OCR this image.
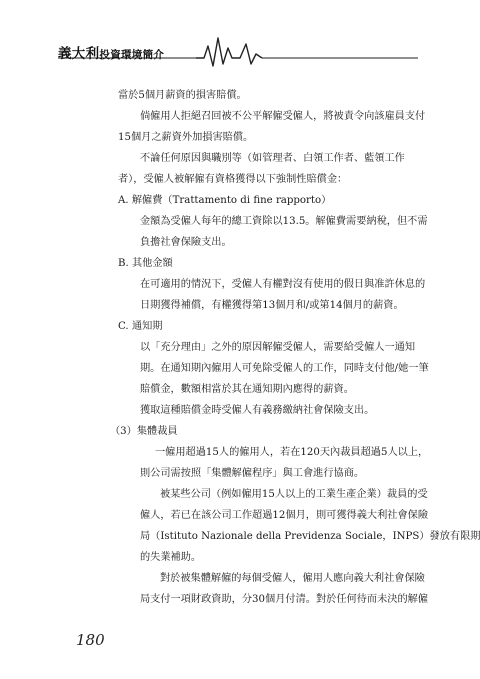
義大利投資環境簡介
當於5個月薪資的損害賠償。
倘僱用人拒絕召回被不公平解僱受僱人，將被責令向該雇員支付
15個月之薪資外加損害賠償。
不論任何原因與職別等（如管理者、白領工作者、藍領工作
者），受僱人被解僱有資格獲得以下強制性賠償金：
A. 解僱費（Trattamento di fine rapporto）
金額為受僱人每年的總工資除以13.5。解僱費需要納稅，但不需
負擔社會保險支出。
B. 其他金額
在可適用的情況下，受僱人有權對沒有使用的假日與准許休息的
日期獲得補償，有權獲得第13個月和/或第14個月的薪資。
C. 通知期
以「充分理由」之外的原因解僱受僱人，需要給受僱人一通知
期。在通知期內僱用人可免除受僱人的工作，同時支付他/她一筆
賠償金，數額相當於其在通知期內應得的薪資。
獲取這種賠償金時受僱人有義務繳納社會保險支出。
（3）集體裁員
一僱用超過15人的僱用人，若在120天內裁員超過5人以上，
則公司需按照「集體解僱程序」與工會進行協商。
被某些公司（例如僱用15人以上的工業生產企業）裁員的受
僱人，若已在該公司工作超過12個月，則可獲得義大利社會保險
局（Istituto Nazionale della Previdenza Sociale，INPS）發放有限期
的失業補助。
對於被集體解僱的每個受僱人，僱用人應向義大利社會保險
局支付一項財政資助，分30個月付清。對於任何待而未決的解僱
180
